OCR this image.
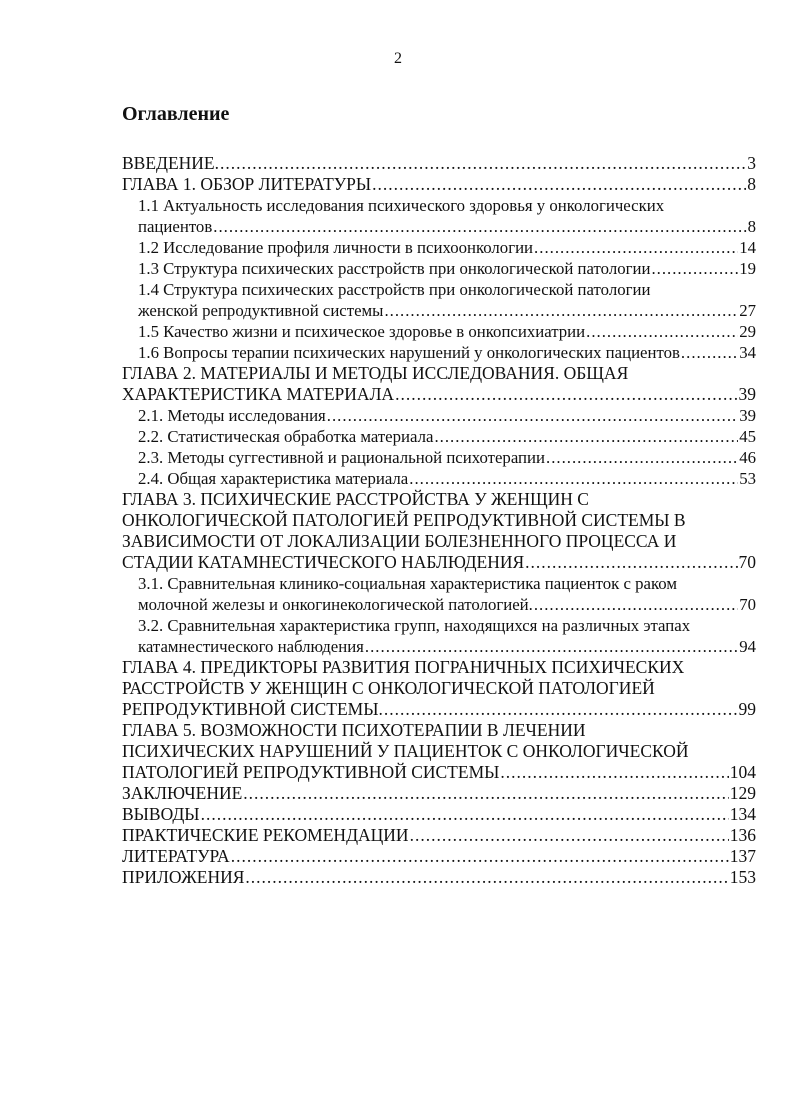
2
Оглавление
ВВЕДЕНИЕ. .....	3
ГЛАВА 1. ОБЗОР ЛИТЕРАТУРЫ .....	8
1.1 Актуальность исследования психического здоровья у онкологических
пациентов .....	8
1.2 Исследование профиля личности в психоонкологии .....	14
1.3 Структура психических расстройств при онкологической патологии .....	19
1.4 Структура психических расстройств при онкологической патологии
женской репродуктивной системы .....	27
1.5 Качество жизни и психическое здоровье в онкопсихиатрии .....	29
1.6 Вопросы терапии психических нарушений у онкологических пациентов .....	34
ГЛАВА 2. МАТЕРИАЛЫ И МЕТОДЫ ИССЛЕДОВАНИЯ. ОБЩАЯ
ХАРАКТЕРИСТИКА МАТЕРИАЛА .....	39
2.1. Методы исследования .....	39
2.2. Статистическая обработка материала .....	45
2.3. Методы суггестивной и рациональной психотерапии .....	46
2.4. Общая характеристика материала .....	53
ГЛАВА 3. ПСИХИЧЕСКИЕ РАССТРОЙСТВА У ЖЕНЩИН С
ОНКОЛОГИЧЕСКОЙ ПАТОЛОГИЕЙ РЕПРОДУКТИВНОЙ СИСТЕМЫ В
ЗАВИСИМОСТИ ОТ ЛОКАЛИЗАЦИИ БОЛЕЗНЕННОГО ПРОЦЕССА И
СТАДИИ КАТАМНЕСТИЧЕСКОГО НАБЛЮДЕНИЯ .....	70
3.1. Сравнительная клинико-социальная характеристика пациенток с раком
молочной железы и онкогинекологической патологией. .....	70
3.2. Сравнительная характеристика групп, находящихся на различных этапах
катамнестического наблюдения .....	94
ГЛАВА 4. ПРЕДИКТОРЫ РАЗВИТИЯ ПОГРАНИЧНЫХ ПСИХИЧЕСКИХ
РАССТРОЙСТВ У ЖЕНЩИН С ОНКОЛОГИЧЕСКОЙ ПАТОЛОГИЕЙ
РЕПРОДУКТИВНОЙ СИСТЕМЫ. .....	99
ГЛАВА 5. ВОЗМОЖНОСТИ ПСИХОТЕРАПИИ В ЛЕЧЕНИИ
ПСИХИЧЕСКИХ НАРУШЕНИЙ У ПАЦИЕНТОК С ОНКОЛОГИЧЕСКОЙ
ПАТОЛОГИЕЙ РЕПРОДУКТИВНОЙ СИСТЕМЫ .....	104
ЗАКЛЮЧЕНИЕ .....	129
ВЫВОДЫ .....	134
ПРАКТИЧЕСКИЕ РЕКОМЕНДАЦИИ .....	136
ЛИТЕРАТУРА .....	137
ПРИЛОЖЕНИЯ .....	153
